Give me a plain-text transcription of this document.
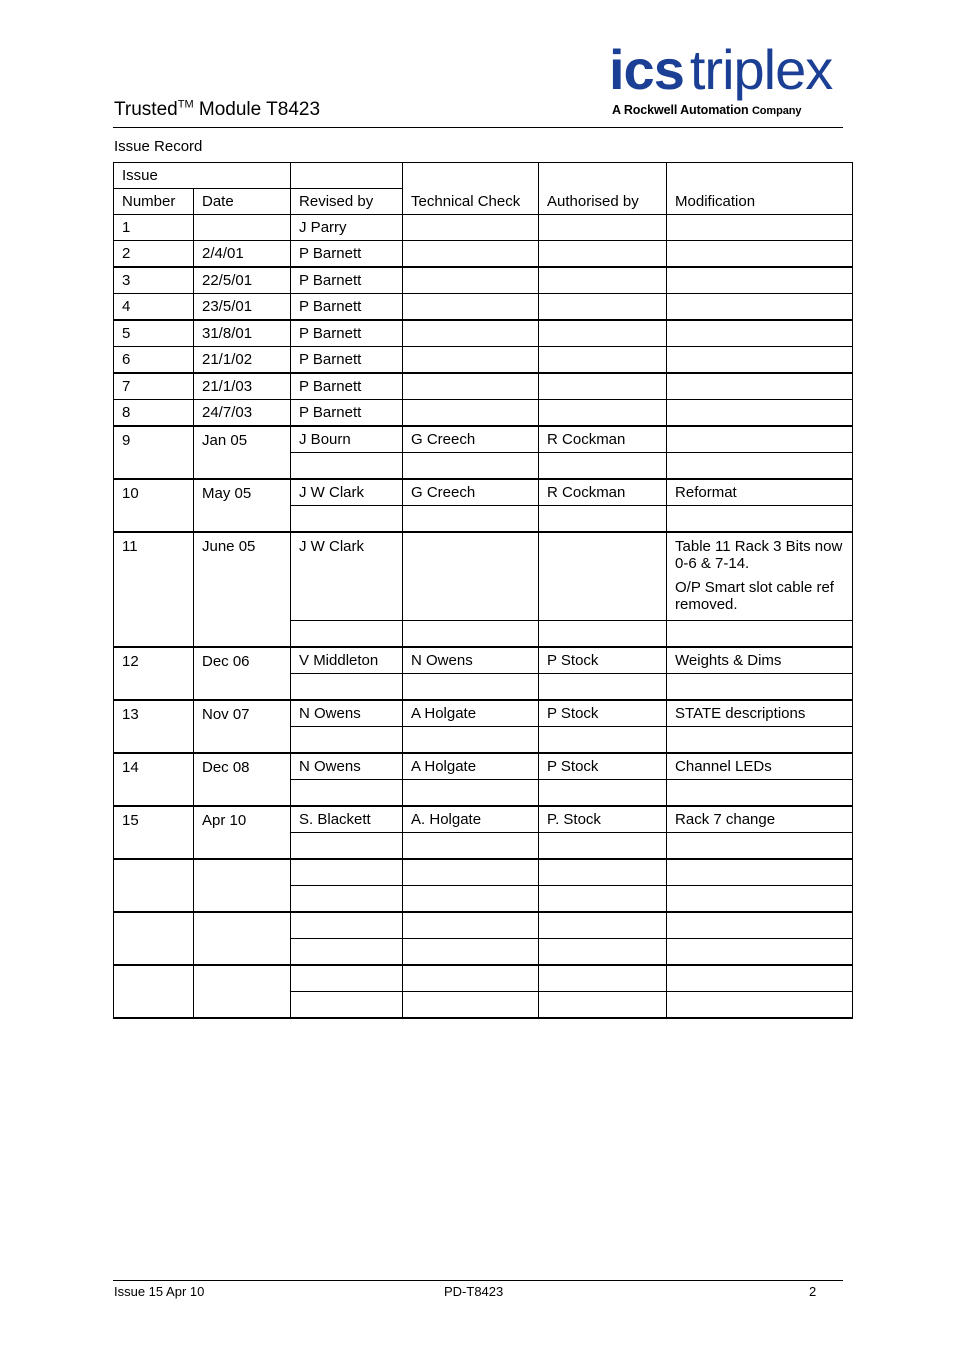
Trusted™ Module T8423
ics triplex
A Rockwell Automation Company
Issue Record
Issue			Technical Check	Authorised by	Modification
Number	Date	Revised by			
1		J Parry			
2	2/4/01	P Barnett			
3	22/5/01	P Barnett			
4	23/5/01	P Barnett			
5	31/8/01	P Barnett			
6	21/1/02	P Barnett			
7	21/1/03	P Barnett			
8	24/7/03	P Barnett			
9	Jan 05	J Bourn	G Creech	R Cockman	

10	May 05	J W Clark	G Creech	R Cockman	Reformat

11	June 05	J W Clark			Table 11 Rack 3 Bits now 0-6 & 7-14.

O/P Smart slot cable ref removed.

12	Dec 06	V Middleton	N Owens	P Stock	Weights & Dims

13	Nov 07	N Owens	A Holgate	P Stock	STATE descriptions

14	Dec 08	N Owens	A Holgate	P Stock	Channel LEDs

15	Apr 10	S. Blackett	A. Holgate	P. Stock	Rack 7 change

Issue 15 Apr 10	PD-T8423	2
